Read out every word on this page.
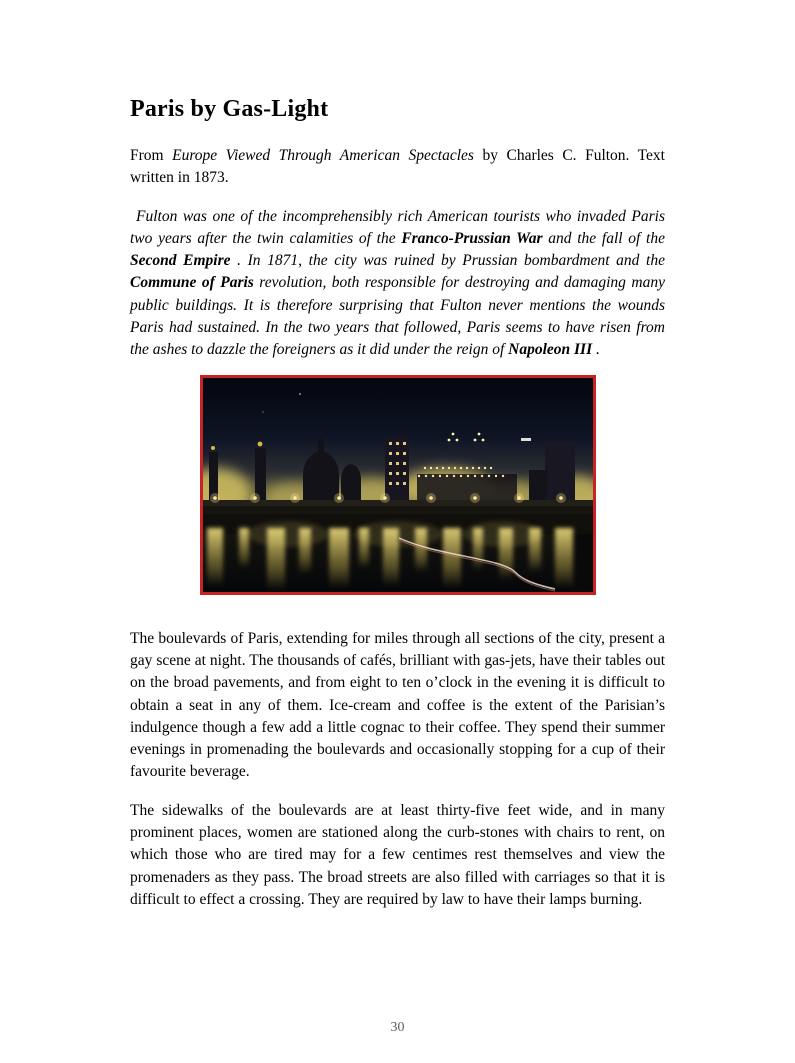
Paris by Gas-Light

From Europe Viewed Through American Spectacles by Charles C. Fulton. Text written in 1873.

Fulton was one of the incomprehensibly rich American tourists who invaded Paris two years after the twin calamities of the Franco-Prussian War and the fall of the Second Empire . In 1871, the city was ruined by Prussian bombardment and the Commune of Paris revolution, both responsible for destroying and damaging many public buildings. It is therefore surprising that Fulton never mentions the wounds Paris had sustained. In the two years that followed, Paris seems to have risen from the ashes to dazzle the foreigners as it did under the reign of Napoleon III .

The boulevards of Paris, extending for miles through all sections of the city, present a gay scene at night. The thousands of cafés, brilliant with gas-jets, have their tables out on the broad pavements, and from eight to ten o’clock in the evening it is difficult to obtain a seat in any of them. Ice-cream and coffee is the extent of the Parisian’s indulgence though a few add a little cognac to their coffee. They spend their summer evenings in promenading the boulevards and occasionally stopping for a cup of their favourite beverage.

The sidewalks of the boulevards are at least thirty-five feet wide, and in many prominent places, women are stationed along the curb-stones with chairs to rent, on which those who are tired may for a few centimes rest themselves and view the promenaders as they pass. The broad streets are also filled with carriages so that it is difficult to effect a crossing. They are required by law to have their lamps burning.

30
